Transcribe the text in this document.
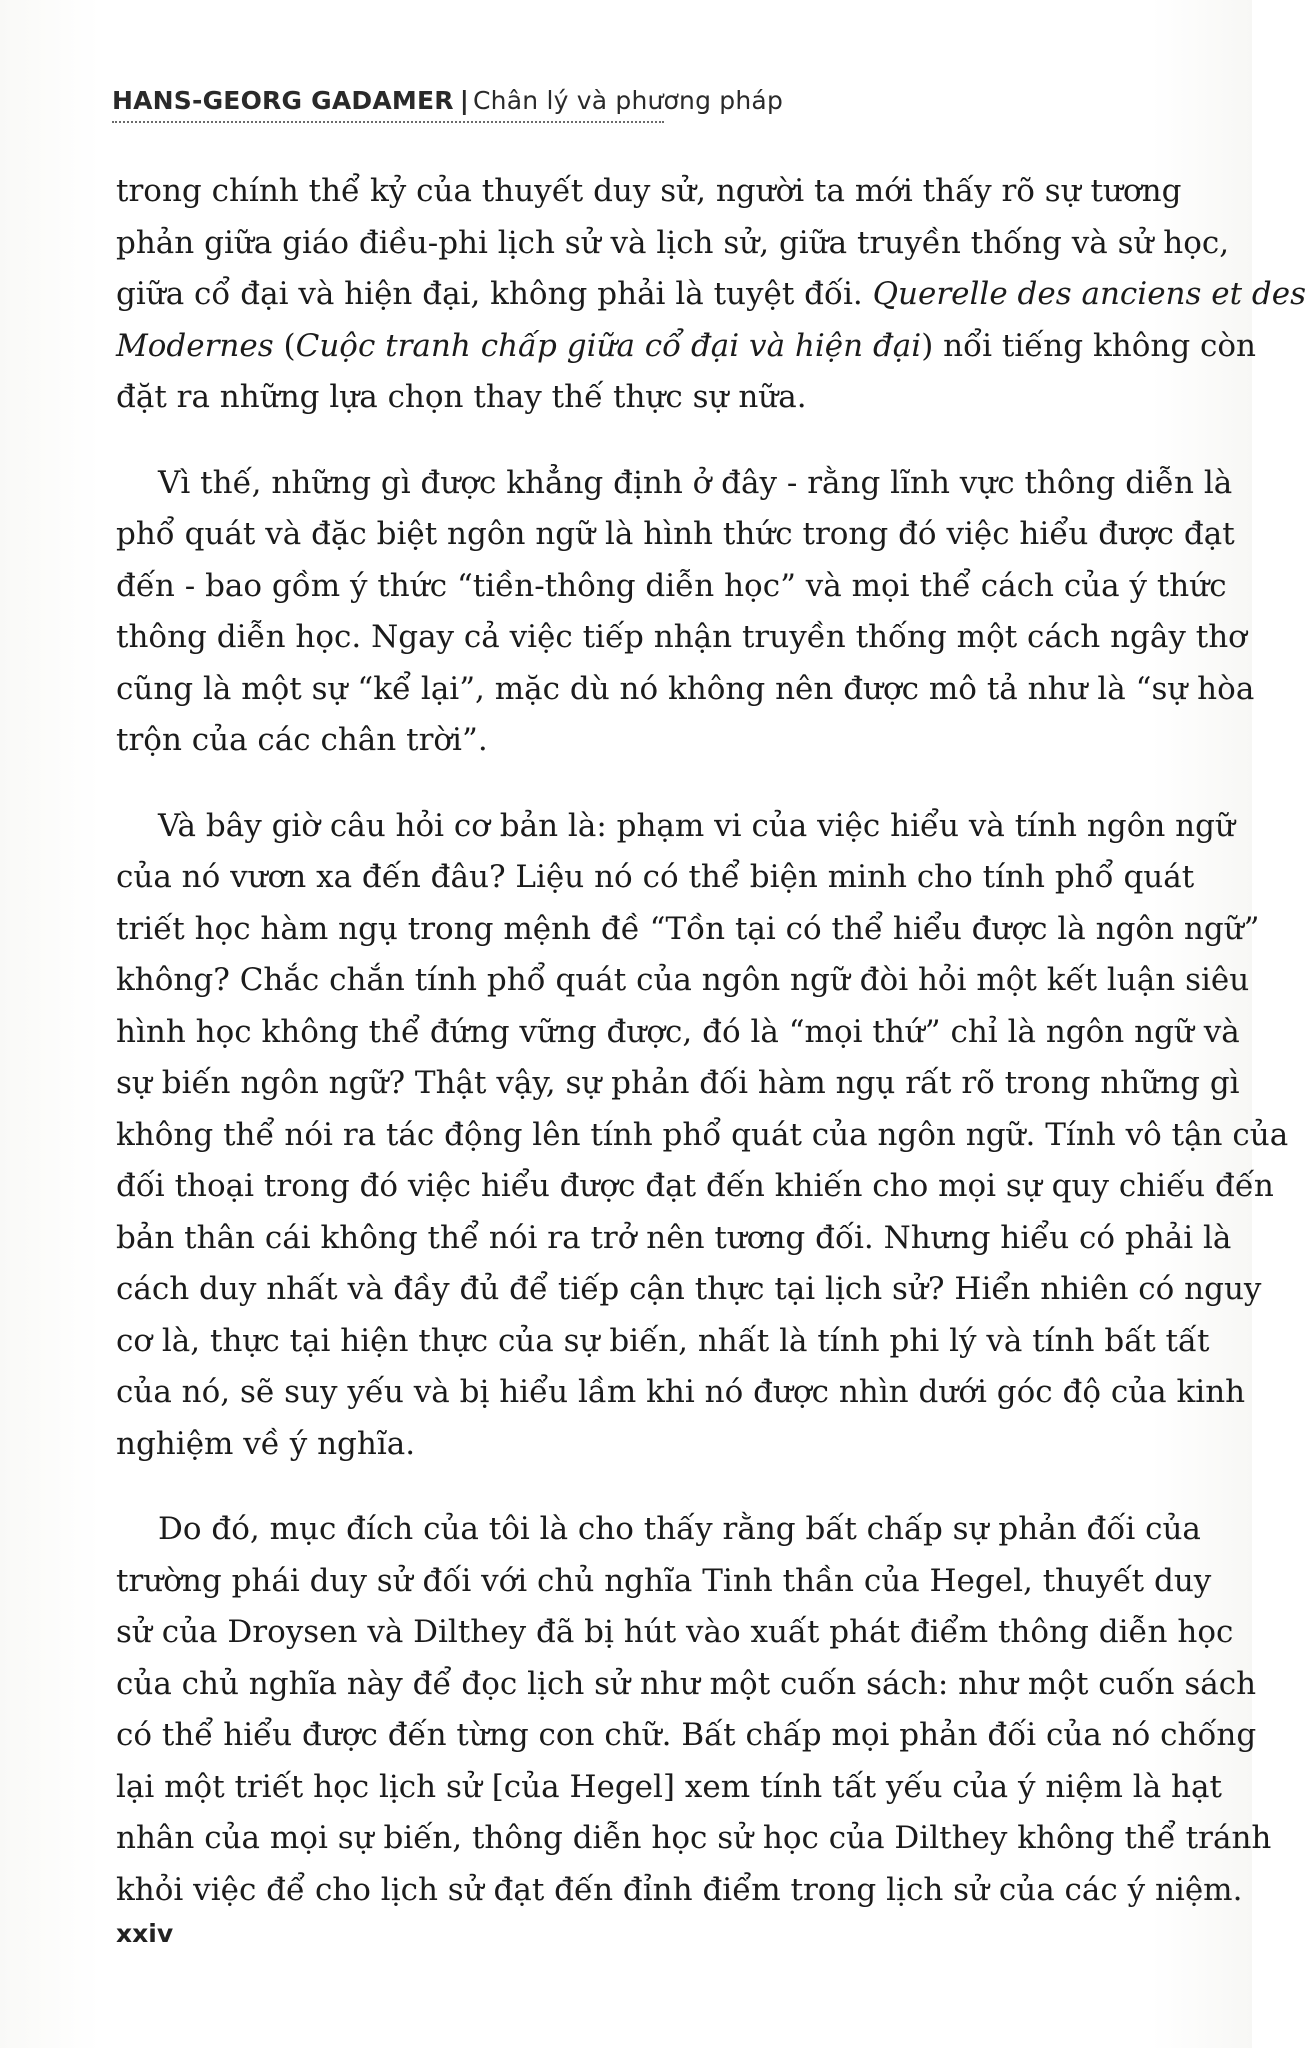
HANS-GEORG GADAMER | Chân lý và phương pháp

trong chính thể kỷ của thuyết duy sử, người ta mới thấy rõ sự tương
phản giữa giáo điều-phi lịch sử và lịch sử, giữa truyền thống và sử học,
giữa cổ đại và hiện đại, không phải là tuyệt đối. Querelle des anciens et des
Modernes (Cuộc tranh chấp giữa cổ đại và hiện đại) nổi tiếng không còn
đặt ra những lựa chọn thay thế thực sự nữa.

Vì thế, những gì được khẳng định ở đây - rằng lĩnh vực thông diễn là
phổ quát và đặc biệt ngôn ngữ là hình thức trong đó việc hiểu được đạt
đến - bao gồm ý thức “tiền-thông diễn học” và mọi thể cách của ý thức
thông diễn học. Ngay cả việc tiếp nhận truyền thống một cách ngây thơ
cũng là một sự “kể lại”, mặc dù nó không nên được mô tả như là “sự hòa
trộn của các chân trời”.

Và bây giờ câu hỏi cơ bản là: phạm vi của việc hiểu và tính ngôn ngữ
của nó vươn xa đến đâu? Liệu nó có thể biện minh cho tính phổ quát
triết học hàm ngụ trong mệnh đề “Tồn tại có thể hiểu được là ngôn ngữ”
không? Chắc chắn tính phổ quát của ngôn ngữ đòi hỏi một kết luận siêu
hình học không thể đứng vững được, đó là “mọi thứ” chỉ là ngôn ngữ và
sự biến ngôn ngữ? Thật vậy, sự phản đối hàm ngụ rất rõ trong những gì
không thể nói ra tác động lên tính phổ quát của ngôn ngữ. Tính vô tận của
đối thoại trong đó việc hiểu được đạt đến khiến cho mọi sự quy chiếu đến
bản thân cái không thể nói ra trở nên tương đối. Nhưng hiểu có phải là
cách duy nhất và đầy đủ để tiếp cận thực tại lịch sử? Hiển nhiên có nguy
cơ là, thực tại hiện thực của sự biến, nhất là tính phi lý và tính bất tất
của nó, sẽ suy yếu và bị hiểu lầm khi nó được nhìn dưới góc độ của kinh
nghiệm về ý nghĩa.

Do đó, mục đích của tôi là cho thấy rằng bất chấp sự phản đối của
trường phái duy sử đối với chủ nghĩa Tinh thần của Hegel, thuyết duy
sử của Droysen và Dilthey đã bị hút vào xuất phát điểm thông diễn học
của chủ nghĩa này để đọc lịch sử như một cuốn sách: như một cuốn sách
có thể hiểu được đến từng con chữ. Bất chấp mọi phản đối của nó chống
lại một triết học lịch sử [của Hegel] xem tính tất yếu của ý niệm là hạt
nhân của mọi sự biến, thông diễn học sử học của Dilthey không thể tránh
khỏi việc để cho lịch sử đạt đến đỉnh điểm trong lịch sử của các ý niệm.

xxiv
